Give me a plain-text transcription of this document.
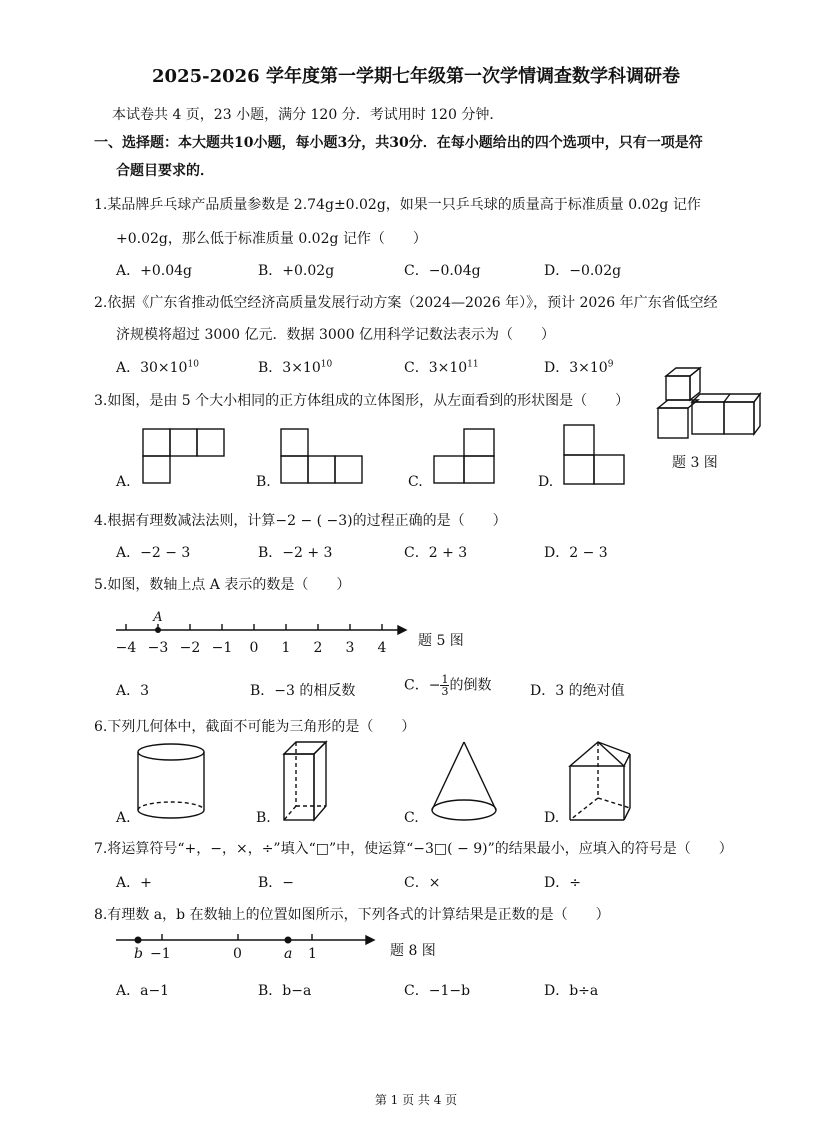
2025-2026 学年度第一学期七年级第一次学情调查数学科调研卷
本试卷共 4 页，23 小题，满分 120 分．考试用时 120 分钟．
一、选择题：本大题共10小题，每小题3分，共30分．在每小题给出的四个选项中，只有一项是符
合题目要求的．
1.某品牌乒乓球产品质量参数是 2.74g±0.02g，如果一只乒乓球的质量高于标准质量 0.02g 记作
+0.02g，那么低于标准质量 0.02g 记作（　　）
A．+0.04g	B．+0.02g	C．−0.04g	D．−0.02g
2.依据《广东省推动低空经济高质量发展行动方案（2024—2026 年）》，预计 2026 年广东省低空经
济规模将超过 3000 亿元．数据 3000 亿用科学记数法表示为（　　）
A．$30\times 10^{10}$	B．$3\times 10^{10}$	C．$3\times 10^{11}$	D．$3\times 10^9$
3.如图，是由 5 个大小相同的正方体组成的立体图形，从左面看到的形状图是（　　）
题 3 图
A.	B.	C.	D.
4.根据有理数减法法则，计算−2 − ( −3)的过程正确的是（　　）
A．−2 − 3	B．−2 + 3	C．2 + 3	D．2 − 3
5.如图，数轴上点 A 表示的数是（　　）
−4 −3 −2 −1 0 1 2 3 4
A
题 5 图
A．3	B．−3 的相反数	C．− $\frac{1}{3}$ 的倒数	D．3 的绝对值
6.下列几何体中，截面不可能为三角形的是（　　）
A.	B.	C.	D.
7.将运算符号“+，−，×，÷”填入“□”中，使运算“−3□( − 9)”的结果最小，应填入的符号是（　　）
A．+	B．−	C．×	D．÷
8.有理数 a，b 在数轴上的位置如图所示，下列各式的计算结果是正数的是（　　）
b −1	0	a 1	题 8 图
A．a−1	B．b−a	C．−1−b	D．b÷a
第 1 页 共 4 页
